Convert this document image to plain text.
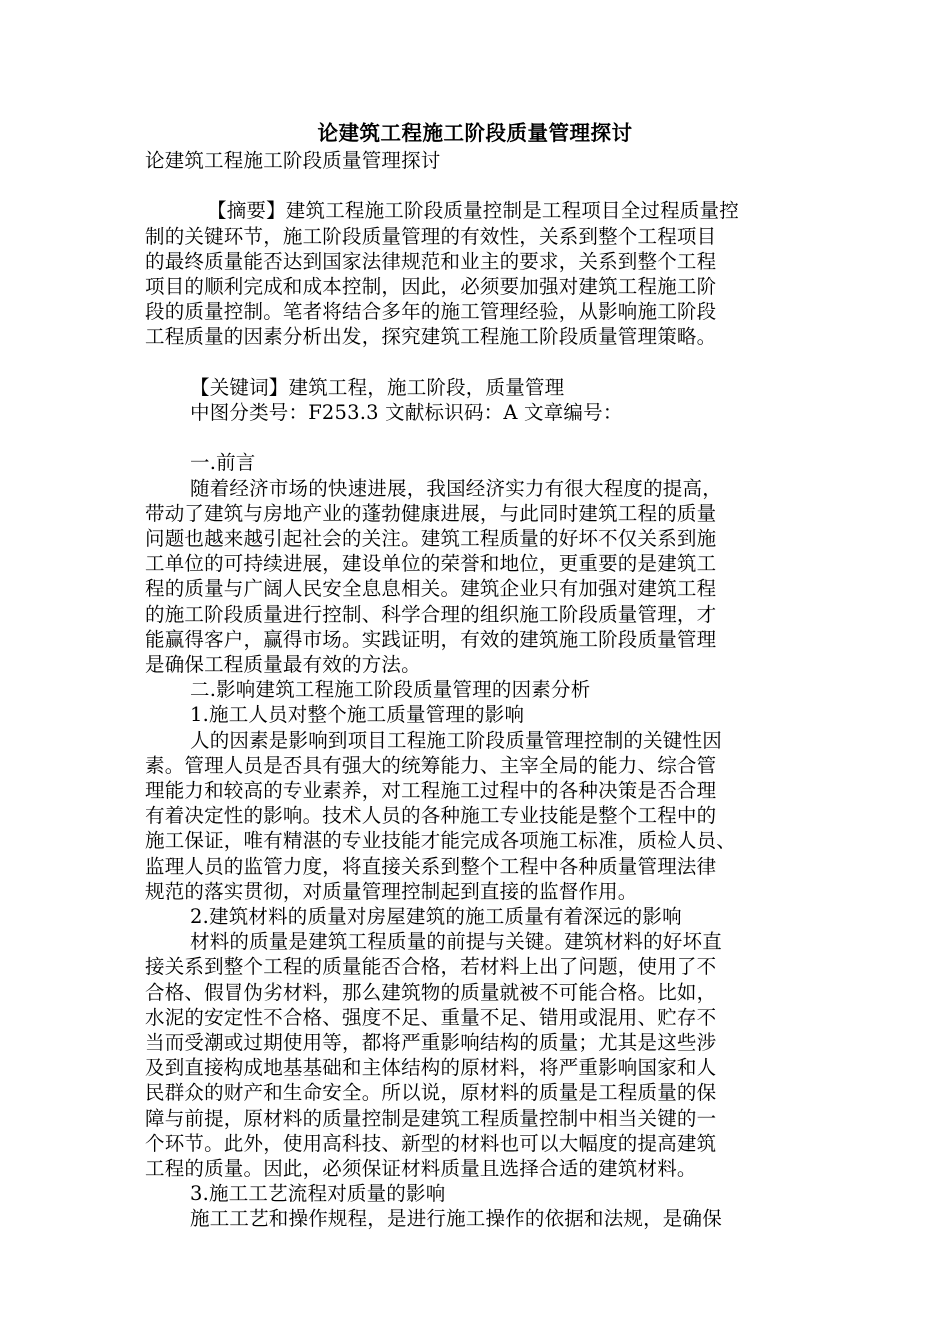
论建筑工程施工阶段质量管理探讨

论建筑工程施工阶段质量管理探讨

【摘要】建筑工程施工阶段质量控制是工程项目全过程质量控

制的关键环节，施工阶段质量管理的有效性，关系到整个工程项目

的最终质量能否达到国家法律规范和业主的要求，关系到整个工程

项目的顺利完成和成本控制，因此，必须要加强对建筑工程施工阶

段的质量控制。笔者将结合多年的施工管理经验，从影响施工阶段

工程质量的因素分析出发，探究建筑工程施工阶段质量管理策略。

【关键词】建筑工程，施工阶段，质量管理

中图分类号：F253.3 文献标识码：A 文章编号：

一.前言

随着经济市场的快速进展，我国经济实力有很大程度的提高，

带动了建筑与房地产业的蓬勃健康进展，与此同时建筑工程的质量

问题也越来越引起社会的关注。建筑工程质量的好坏不仅关系到施

工单位的可持续进展，建设单位的荣誉和地位，更重要的是建筑工

程的质量与广阔人民安全息息相关。建筑企业只有加强对建筑工程

的施工阶段质量进行控制、科学合理的组织施工阶段质量管理，才

能赢得客户，赢得市场。实践证明，有效的建筑施工阶段质量管理

是确保工程质量最有效的方法。

二.影响建筑工程施工阶段质量管理的因素分析

1.施工人员对整个施工质量管理的影响

人的因素是影响到项目工程施工阶段质量管理控制的关键性因

素。管理人员是否具有强大的统筹能力、主宰全局的能力、综合管

理能力和较高的专业素养，对工程施工过程中的各种决策是否合理

有着决定性的影响。技术人员的各种施工专业技能是整个工程中的

施工保证，唯有精湛的专业技能才能完成各项施工标准，质检人员、

监理人员的监管力度，将直接关系到整个工程中各种质量管理法律

规范的落实贯彻，对质量管理控制起到直接的监督作用。

2.建筑材料的质量对房屋建筑的施工质量有着深远的影响

材料的质量是建筑工程质量的前提与关键。建筑材料的好坏直

接关系到整个工程的质量能否合格，若材料上出了问题，使用了不

合格、假冒伪劣材料，那么建筑物的质量就被不可能合格。比如，

水泥的安定性不合格、强度不足、重量不足、错用或混用、贮存不

当而受潮或过期使用等，都将严重影响结构的质量；尤其是这些涉

及到直接构成地基基础和主体结构的原材料，将严重影响国家和人

民群众的财产和生命安全。所以说，原材料的质量是工程质量的保

障与前提，原材料的质量控制是建筑工程质量控制中相当关键的一

个环节。此外，使用高科技、新型的材料也可以大幅度的提高建筑

工程的质量。因此，必须保证材料质量且选择合适的建筑材料。

3.施工工艺流程对质量的影响

施工工艺和操作规程，是进行施工操作的依据和法规，是确保
